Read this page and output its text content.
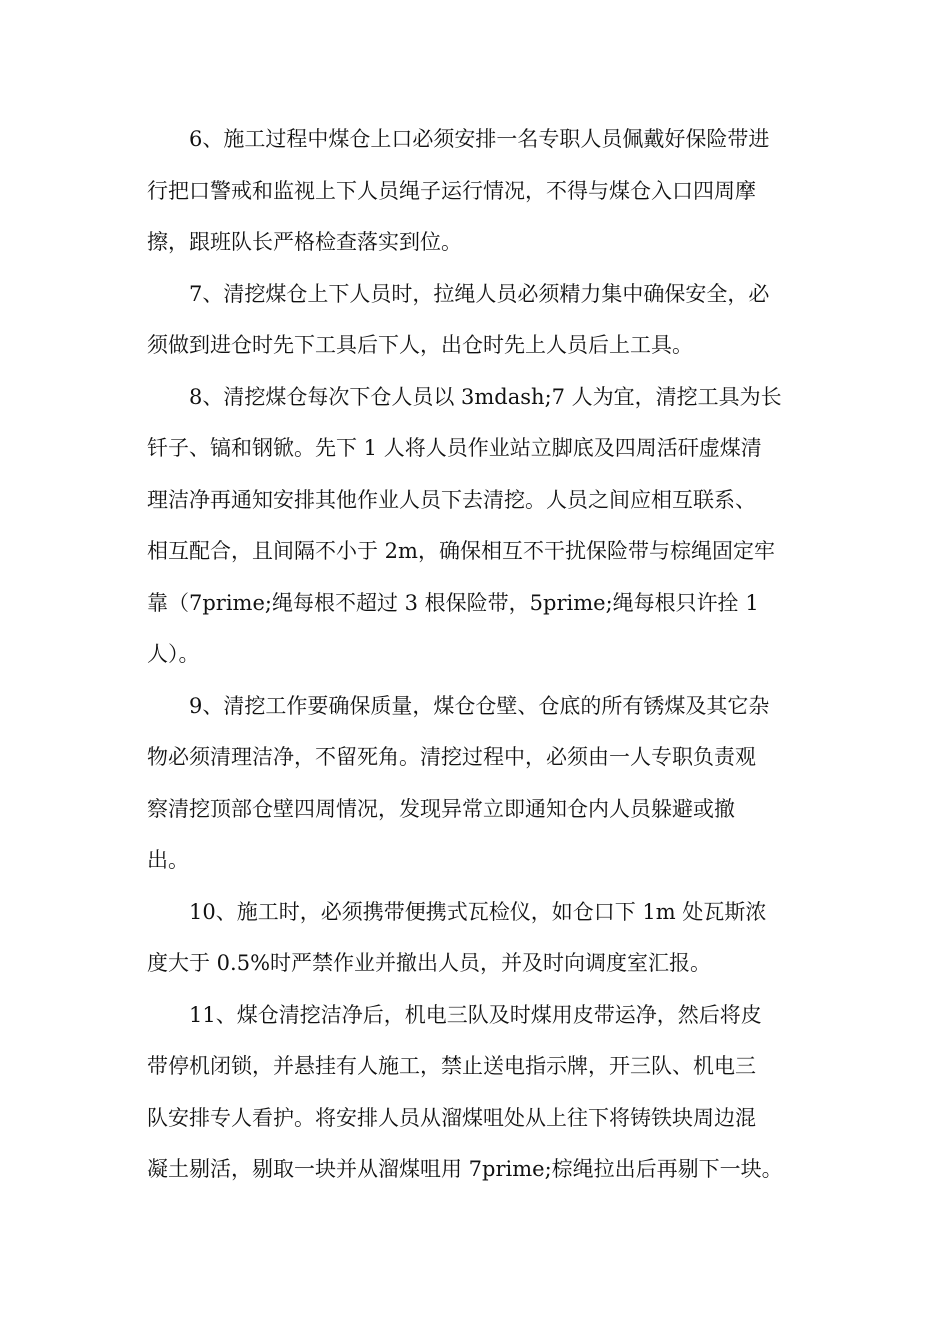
6、施工过程中煤仓上口必须安排一名专职人员佩戴好保险带进
行把口警戒和监视上下人员绳子运行情况，不得与煤仓入口四周摩
擦，跟班队长严格检查落实到位。
7、清挖煤仓上下人员时，拉绳人员必须精力集中确保安全，必
须做到进仓时先下工具后下人，出仓时先上人员后上工具。
8、清挖煤仓每次下仓人员以 3mdash;7 人为宜，清挖工具为长
钎子、镐和钢锨。先下 1 人将人员作业站立脚底及四周活矸虚煤清
理洁净再通知安排其他作业人员下去清挖。人员之间应相互联系、
相互配合，且间隔不小于 2m，确保相互不干扰保险带与棕绳固定牢
靠（7prime;绳每根不超过 3 根保险带，5prime;绳每根只许拴 1
人）。
9、清挖工作要确保质量，煤仓仓壁、仓底的所有锈煤及其它杂
物必须清理洁净，不留死角。清挖过程中，必须由一人专职负责观
察清挖顶部仓壁四周情况，发现异常立即通知仓内人员躲避或撤
出。
10、施工时，必须携带便携式瓦检仪，如仓口下 1m 处瓦斯浓
度大于 0.5%时严禁作业并撤出人员，并及时向调度室汇报。
11、煤仓清挖洁净后，机电三队及时煤用皮带运净，然后将皮
带停机闭锁，并悬挂有人施工，禁止送电指示牌，开三队、机电三
队安排专人看护。将安排人员从溜煤咀处从上往下将铸铁块周边混
凝土剔活，剔取一块并从溜煤咀用 7prime;棕绳拉出后再剔下一块。
